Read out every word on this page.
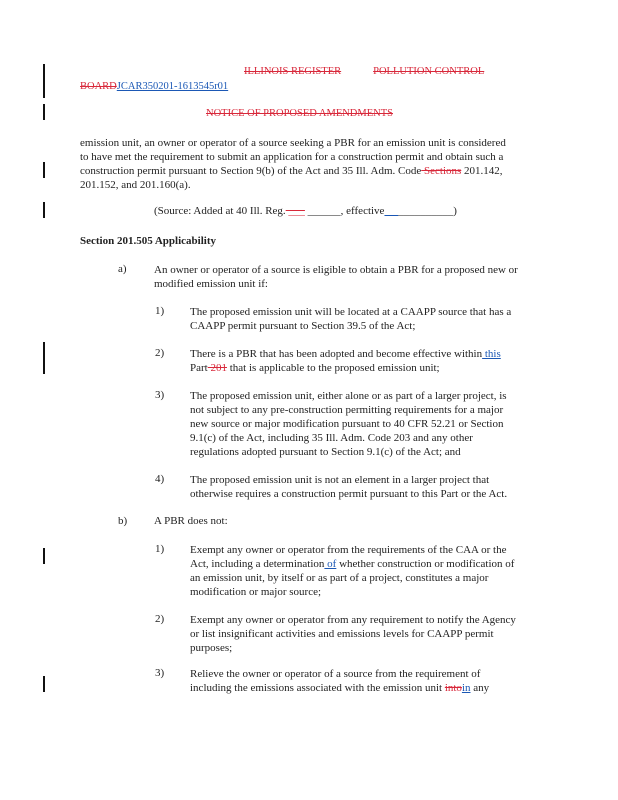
ILLINOIS REGISTER	POLLUTION CONTROL
BOARDJCAR350201-1613545r01
NOTICE OF PROPOSED AMENDMENTS
emission unit, an owner or operator of a source seeking a PBR for an emission unit is considered
to have met the requirement to submit an application for a construction permit and obtain such a
construction permit pursuant to Section 9(b) of the Act and 35 Ill. Adm. Code Sections 201.142,
201.152, and 201.160(a).
(Source: Added at 40 Ill. Reg. ___ ______, effective ____________)
Section 201.505 Applicability
a) An owner or operator of a source is eligible to obtain a PBR for a proposed new or
modified emission unit if:
1) The proposed emission unit will be located at a CAAPP source that has a
CAAPP permit pursuant to Section 39.5 of the Act;
2) There is a PBR that has been adopted and become effective within this
Part 201 that is applicable to the proposed emission unit;
3) The proposed emission unit, either alone or as part of a larger project, is
not subject to any pre-construction permitting requirements for a major
new source or major modification pursuant to 40 CFR 52.21 or Section
9.1(c) of the Act, including 35 Ill. Adm. Code 203 and any other
regulations adopted pursuant to Section 9.1(c) of the Act; and
4) The proposed emission unit is not an element in a larger project that
otherwise requires a construction permit pursuant to this Part or the Act.
b) A PBR does not:
1) Exempt any owner or operator from the requirements of the CAA or the
Act, including a determination of whether construction or modification of
an emission unit, by itself or as part of a project, constitutes a major
modification or major source;
2) Exempt any owner or operator from any requirement to notify the Agency
or list insignificant activities and emissions levels for CAAPP permit
purposes;
3) Relieve the owner or operator of a source from the requirement of
including the emissions associated with the emission unit intoin any
